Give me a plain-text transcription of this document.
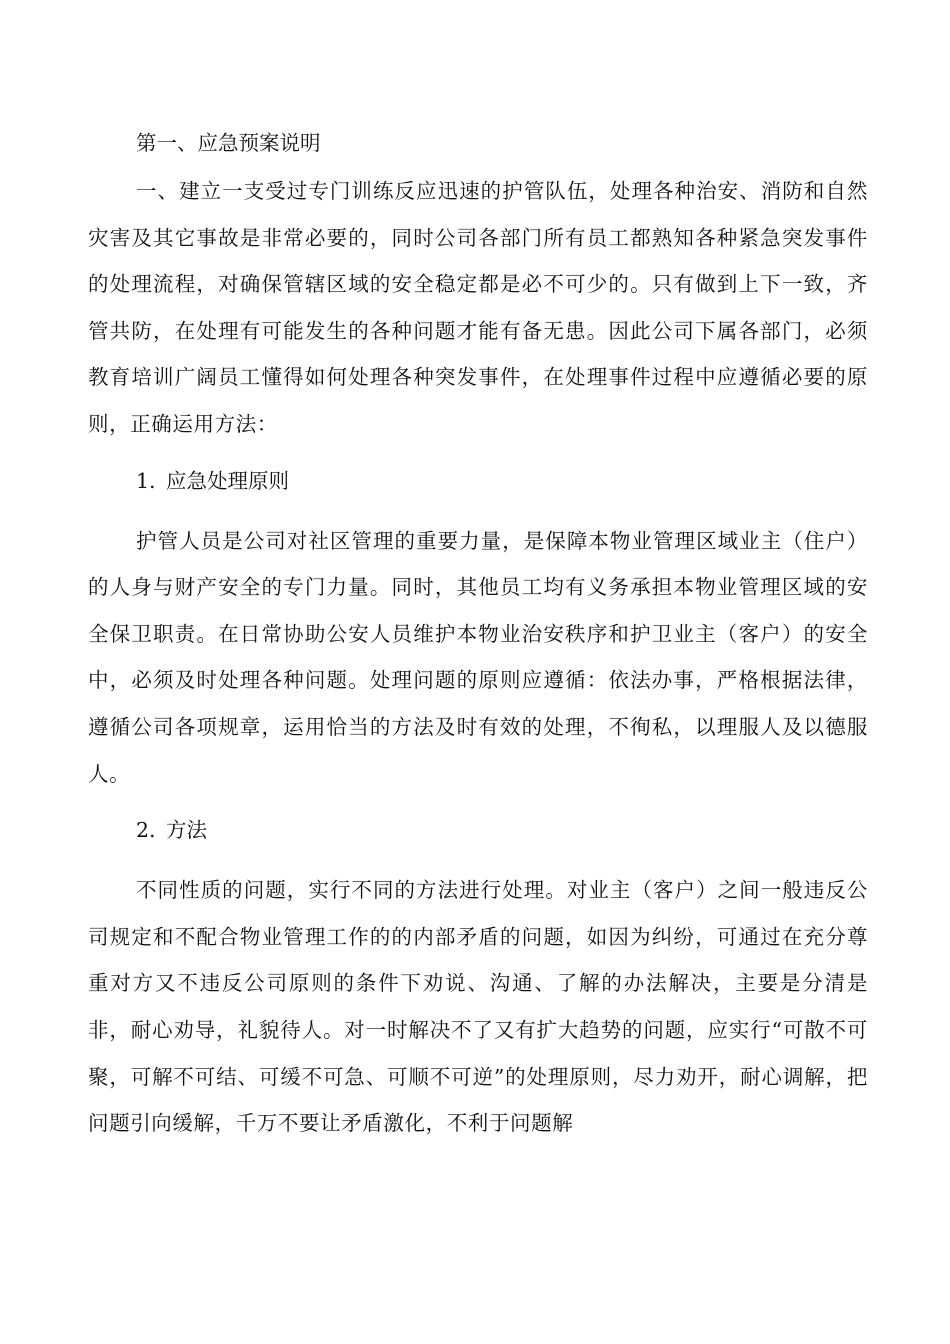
第一、应急预案说明

一、建立一支受过专门训练反应迅速的护管队伍，处理各种治安、消防和自然灾害及其它事故是非常必要的，同时公司各部门所有员工都熟知各种紧急突发事件的处理流程，对确保管辖区域的安全稳定都是必不可少的。只有做到上下一致，齐管共防，在处理有可能发生的各种问题才能有备无患。因此公司下属各部门，必须教育培训广阔员工懂得如何处理各种突发事件，在处理事件过程中应遵循必要的原则，正确运用方法：

1. 应急处理原则

护管人员是公司对社区管理的重要力量，是保障本物业管理区域业主（住户）的人身与财产安全的专门力量。同时，其他员工均有义务承担本物业管理区域的安全保卫职责。在日常协助公安人员维护本物业治安秩序和护卫业主（客户）的安全中，必须及时处理各种问题。处理问题的原则应遵循：依法办事，严格根据法律，遵循公司各项规章，运用恰当的方法及时有效的处理，不徇私，以理服人及以德服人。

2. 方法

不同性质的问题，实行不同的方法进行处理。对业主（客户）之间一般违反公司规定和不配合物业管理工作的的内部矛盾的问题，如因为纠纷，可通过在充分尊重对方又不违反公司原则的条件下劝说、沟通、了解的办法解决，主要是分清是非，耐心劝导，礼貌待人。对一时解决不了又有扩大趋势的问题，应实行“可散不可聚，可解不可结、可缓不可急、可顺不可逆”的处理原则，尽力劝开，耐心调解，把问题引向缓解，千万不要让矛盾激化，不利于问题解
